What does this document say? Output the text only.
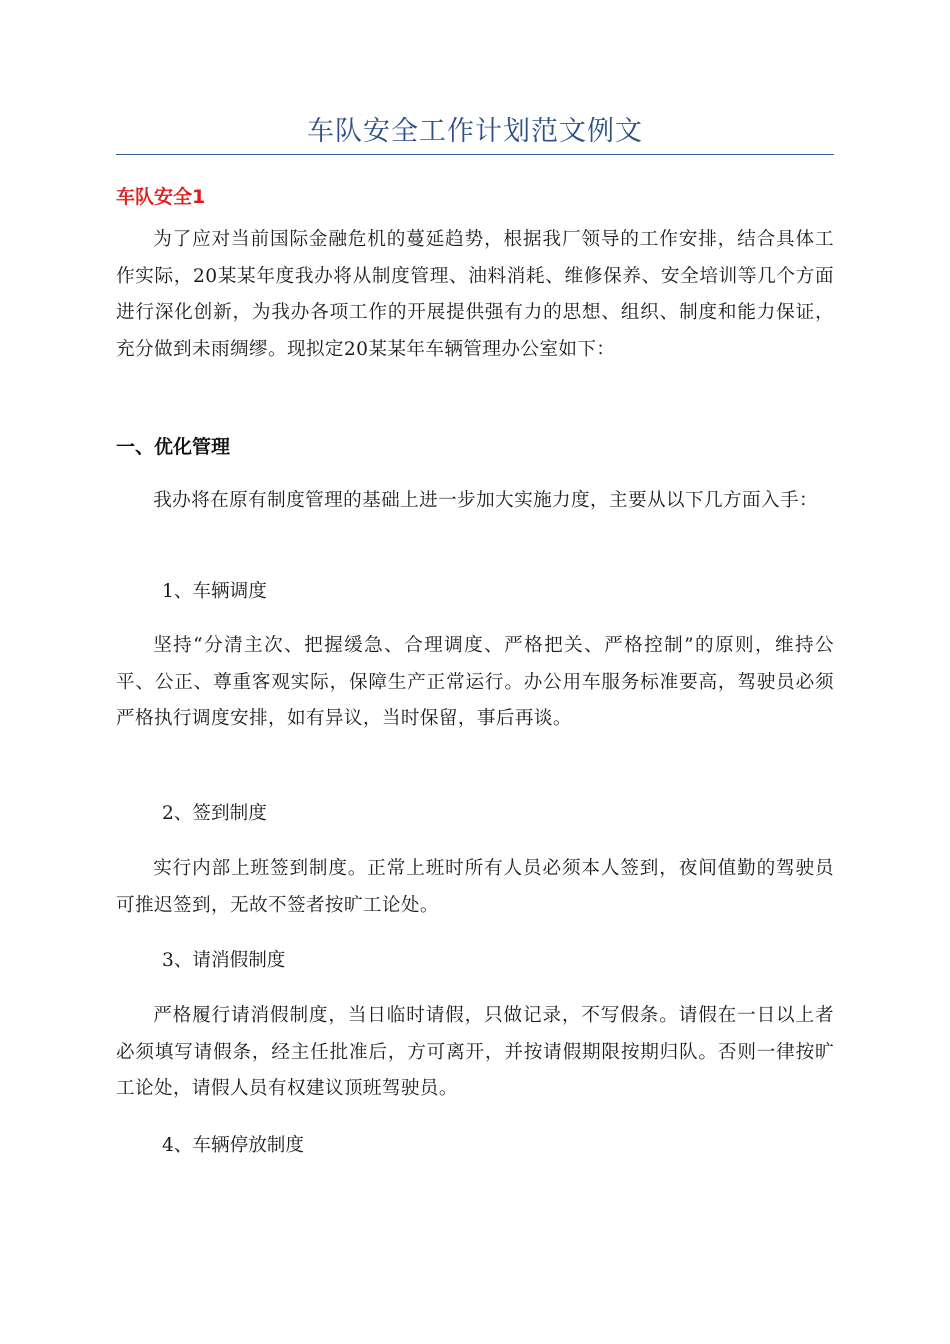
车队安全工作计划范文例文
车队安全1

为了应对当前国际金融危机的蔓延趋势，根据我厂领导的工作安排，结合具体工作实际，20某某年度我办将从制度管理、油料消耗、维修保养、安全培训等几个方面进行深化创新，为我办各项工作的开展提供强有力的思想、组织、制度和能力保证，充分做到未雨绸缪。现拟定20某某年车辆管理办公室如下：

一、优化管理

我办将在原有制度管理的基础上进一步加大实施力度，主要从以下几方面入手：

1、车辆调度

坚持“分清主次、把握缓急、合理调度、严格把关、严格控制”的原则，维持公平、公正、尊重客观实际，保障生产正常运行。办公用车服务标准要高，驾驶员必须严格执行调度安排，如有异议，当时保留，事后再谈。

2、签到制度

实行内部上班签到制度。正常上班时所有人员必须本人签到，夜间值勤的驾驶员可推迟签到，无故不签者按旷工论处。

3、请消假制度

严格履行请消假制度，当日临时请假，只做记录，不写假条。请假在一日以上者必须填写请假条，经主任批准后，方可离开，并按请假期限按期归队。否则一律按旷工论处，请假人员有权建议顶班驾驶员。

4、车辆停放制度
